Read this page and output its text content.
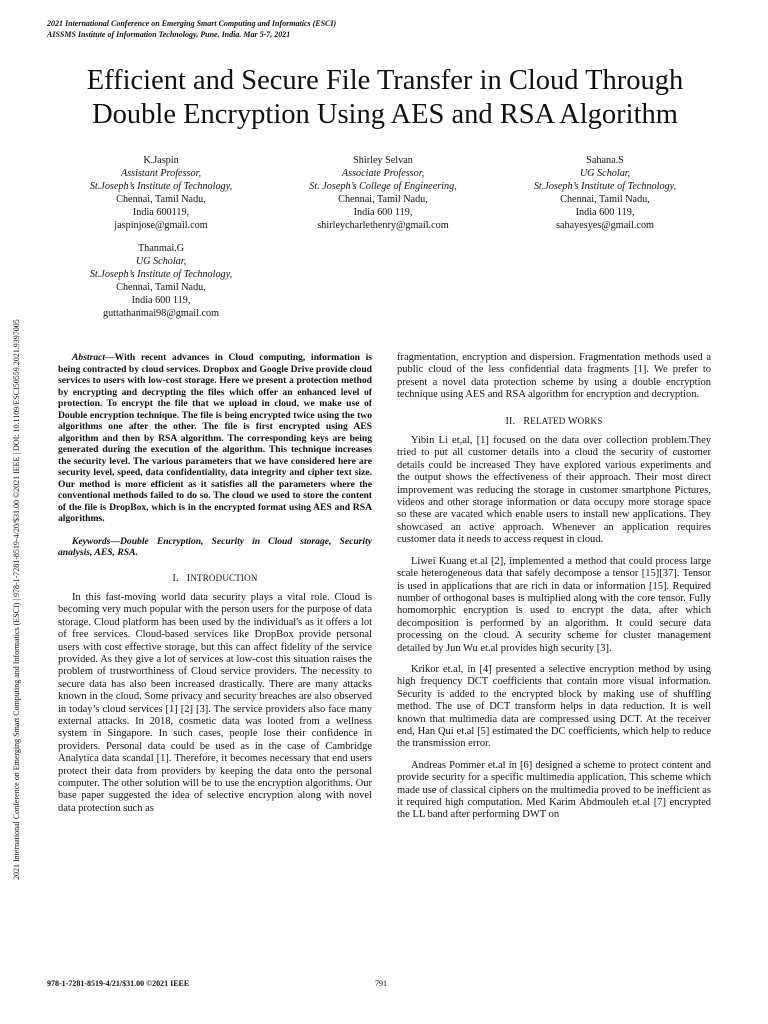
2021 International Conference on Emerging Smart Computing and Informatics (ESCI)
AISSMS Institute of Information Technology, Pune, India. Mar 5-7, 2021
2021 International Conference on Emerging Smart Computing and Informatics (ESCI) | 978-1-7281-8519-4/20/$31.00 ©2021 IEEE | DOI: 10.1109/ESCI50559.2021.9397005
Efficient and Secure File Transfer in Cloud Through
Double Encryption Using AES and RSA Algorithm
K.Jaspin
Assistant Professor,
St.Joseph’s Institute of Technology,
Chennai, Tamil Nadu,
India 600119,
jaspinjose@gmail.com
Shirley Selvan
Associate Professor,
St. Joseph’s College of Engineering,
Chennai, Tamil Nadu,
India 600 119,
shirleycharlethenry@gmail.com
Sahana.S
UG Scholar,
St.Joseph’s Institute of Technology,
Chennai, Tamil Nadu,
India 600 119,
sahayesyes@gmail.com
Thanmai.G
UG Scholar,
St.Joseph’s Institute of Technology,
Chennai, Tamil Nadu,
India 600 119,
guttathanmai98@gmail.com

Abstract—With recent advances in Cloud computing, information is being contracted by cloud services. Dropbox and Google Drive provide cloud services to users with low-cost storage. Here we present a protection method by encrypting and decrypting the files which offer an enhanced level of protection. To encrypt the file that we upload in cloud, we make use of Double encryption technique. The file is being encrypted twice using the two algorithms one after the other. The file is first encrypted using AES algorithm and then by RSA algorithm. The corresponding keys are being generated during the execution of the algorithm. This technique increases the security level. The various parameters that we have considered here are security level, speed, data confidentiality, data integrity and cipher text size. Our method is more efficient as it satisfies all the parameters where the conventional methods failed to do so. The cloud we used to store the content of the file is DropBox, which is in the encrypted format using AES and RSA algorithms.

Keywords—Double Encryption, Security in Cloud storage, Security analysis, AES, RSA.

I. INTRODUCTION

In this fast-moving world data security plays a vital role. Cloud is becoming very much popular with the person users for the purpose of data storage. Cloud platform has been used by the individual's as it offers a lot of free services. Cloud-based services like DropBox provide personal users with cost effective storage, but this can affect fidelity of the service provided. As they give a lot of services at low-cost this situation raises the problem of trustworthiness of Cloud service providers. The necessity to secure data has also been increased drastically. There are many attacks known in the cloud. Some privacy and security breaches are also observed in today’s cloud services [1] [2] [3]. The service providers also face many external attacks. In 2018, cosmetic data was looted from a wellness system in Singapore. In such cases, people lose their confidence in providers. Personal data could be used as in the case of Cambridge Analytica data scandal [1]. Therefore, it becomes necessary that end users protect their data from providers by keeping the data onto the personal computer. The other solution will be to use the encryption algorithms. Our base paper suggested the idea of selective encryption along with novel data protection such as

fragmentation, encryption and dispersion. Fragmentation methods used a public cloud of the less confidential data fragments [1]. We prefer to present a novel data protection scheme by using a double encryption technique using AES and RSA algorithm for encryption and decryption.

II. RELATED WORKS

Yibin Li et,al, [1] focused on the data over collection problem.They tried to put all customer details into a cloud the security of customer details could be increased They have explored various experiments and the output shows the effectiveness of their approach. Their most direct improvement was reducing the storage in customer smartphone Pictures, videos and other storage information or data occupy more storage space so these are vacated which enable users to install new applications. They showcased an active approach. Whenever an application requires customer data it needs to access request in cloud.

Liwei Kuang et.al [2], implemented a method that could process large scale heterogeneous data that safely decompose a tensor [15][37]. Tensor is used in applications that are rich in data or information [15]. Required number of orthogonal bases is multiplied along with the core tensor. Fully homomorphic encryption is used to encrypt the data, after which decomposition is performed by an algorithm. It could secure data processing on the cloud. A security scheme for cluster management detailed by Jun Wu et.al provides high security [3].

Krikor et.al, in [4] presented a selective encryption method by using high frequency DCT coefficients that contain more visual information. Security is added to the encrypted block by making use of shuffling method. The use of DCT transform helps in data reduction. It is well known that multimedia data are compressed using DCT. At the receiver end, Han Qui et.al [5] estimated the DC coefficients, which help to reduce the transmission error.

Andreas Pommer et.al in [6] designed a scheme to protect content and provide security for a specific multimedia application. This scheme which made use of classical ciphers on the multimedia proved to be inefficient as it required high computation. Med Karim Abdmouleh et.al [7] encrypted the LL band after performing DWT on

978-1-7281-8519-4/21/$31.00 ©2021 IEEE	791
